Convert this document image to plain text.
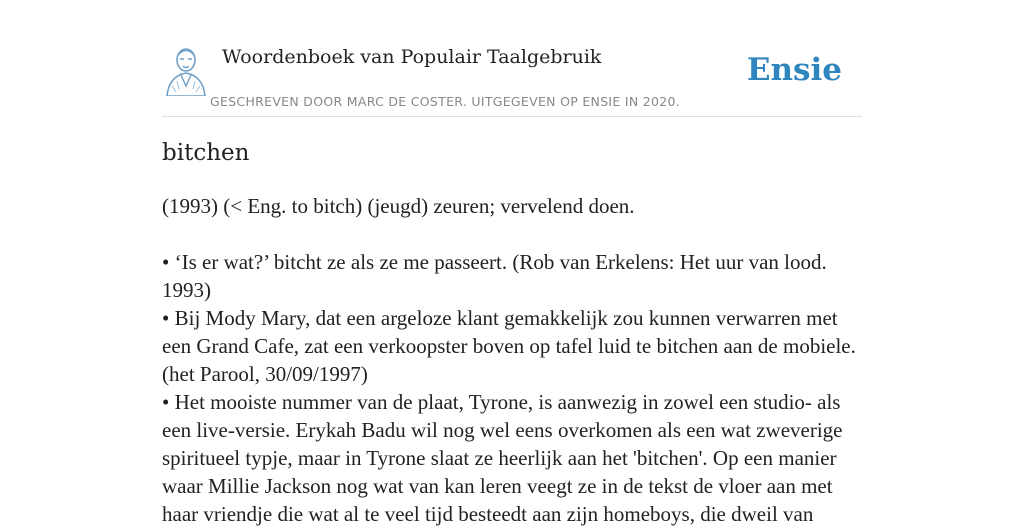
Woordenboek van Populair Taalgebruik
GESCHREVEN DOOR MARC DE COSTER. UITGEGEVEN OP ENSIE IN 2020.
Ensie
bitchen

(1993) (< Eng. to bitch) (jeugd) zeuren; vervelend doen.

• ‘Is er wat?’ bitcht ze als ze me passeert. (Rob van Erkelens: Het uur van lood. 1993)

• Bij Mody Mary, dat een argeloze klant gemakkelijk zou kunnen verwarren met een Grand Cafe, zat een verkoopster boven op tafel luid te bitchen aan de mobiele. (het Parool, 30/09/1997)

• Het mooiste nummer van de plaat, Tyrone, is aanwezig in zowel een studio- als een live-versie. Erykah Badu wil nog wel eens overkomen als een wat zweverige spiritueel typje, maar in Tyrone slaat ze heerlijk aan het 'bitchen'. Op een manier waar Millie Jackson nog wat van kan leren veegt ze in de tekst de vloer aan met haar vriendje die wat al te veel tijd besteedt aan zijn homeboys, die dweil van
